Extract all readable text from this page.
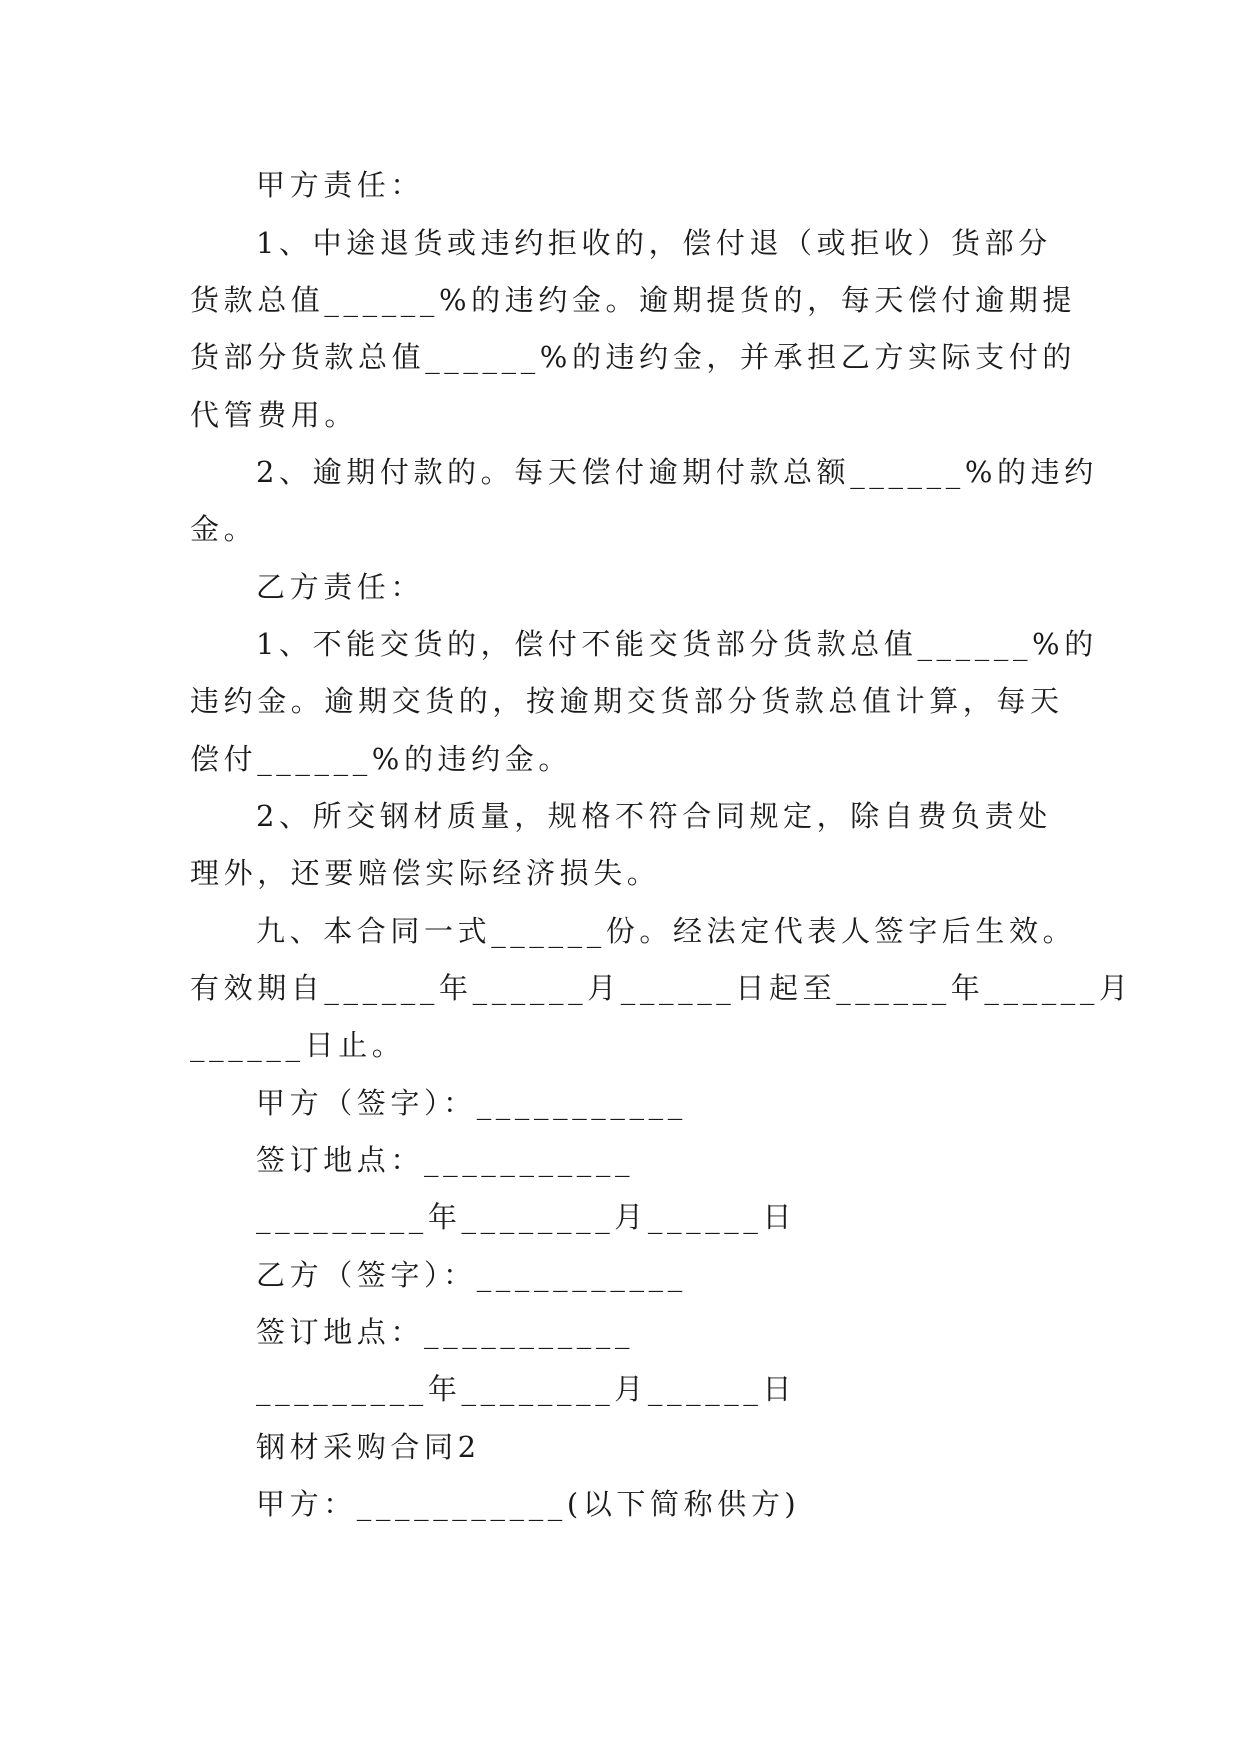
甲方责任：
1、中途退货或违约拒收的，偿付退（或拒收）货部分
货款总值______%的违约金。逾期提货的，每天偿付逾期提
货部分货款总值______%的违约金，并承担乙方实际支付的
代管费用。
2、逾期付款的。每天偿付逾期付款总额______%的违约
金。
乙方责任：
1、不能交货的，偿付不能交货部分货款总值______%的
违约金。逾期交货的，按逾期交货部分货款总值计算，每天
偿付______%的违约金。
2、所交钢材质量，规格不符合同规定，除自费负责处
理外，还要赔偿实际经济损失。
九、本合同一式______份。经法定代表人签字后生效。
有效期自______年______月______日起至______年______月
______日止。
甲方（签字）：___________
签订地点：___________
_________年________月______日
乙方（签字）：___________
签订地点：___________
_________年________月______日
钢材采购合同2
甲方：___________(以下简称供方)
